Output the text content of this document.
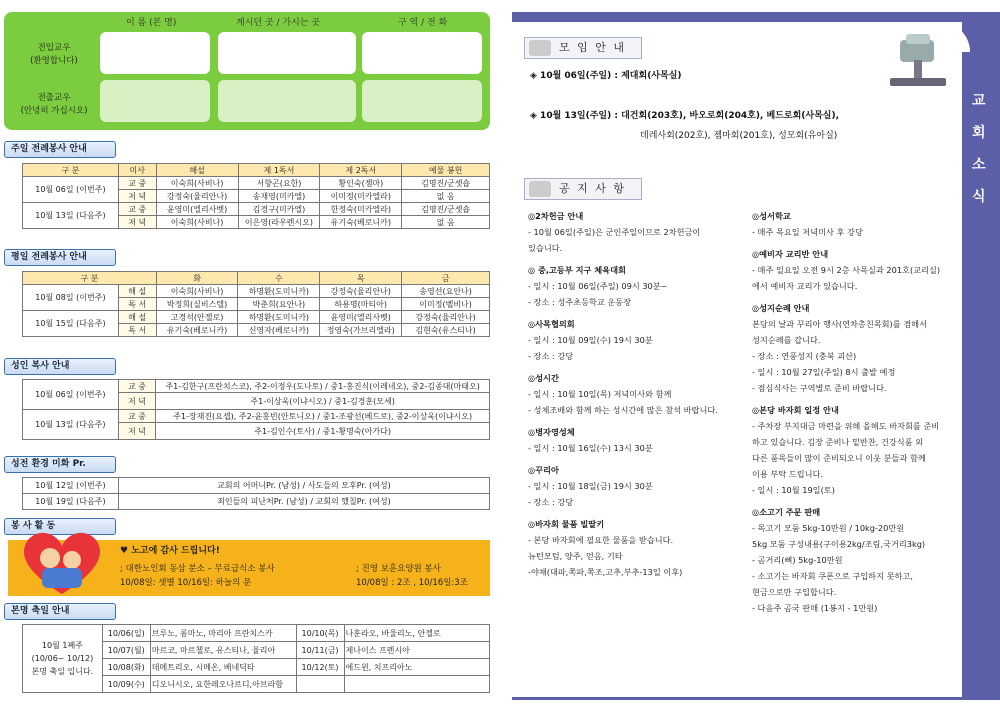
이 름 (본 명)	계시던 곳 / 가시는 곳	구 역 / 전 화
전입교우
(환영합니다)
전출교우
(안녕히 가십시오)
주일 전례봉사 안내
구 분	미사	해설	제 1독서	제 2독서	예물 봉헌
10월 06일 (이번주)	교 중	이숙희(사비나)	서향곤(요한)	황인숙(젬마)	김명진/군셋숍
	저 녁	강정숙(율리안나)	송재영(미카엘)	이미정(미카엘라)	없 음
10월 13일 (다음주)	교 중	윤영미(엘리사벳)	김경구(미카엘)	한정숙(미카엘라)	김명진/군셋숍
	저 녁	이숙희(사비나)	이은영(라우렌시오)	유기숙(베로니카)	없 음
평일 전례봉사 안내
구 분		화	수	목	금
10월 08일 (이번주)	해 설	이숙희(사비나)	하명환(도미니카)	강정숙(율리안나)	송영선(요안나)
	독 서	박정희(실비스텔)	박춘희(요안나)	하용명(마티아)	이미정(벨비나)
10월 15일 (다음주)	해 설	고경석(안젤로)	하명환(도미니카)	윤영미(엘리사벳)	강정숙(율리안나)
	독 서	유기숙(베로니카)	신영자(베로니카)	정영숙(가브리엘라)	김현숙(유스티나)
성인 복사 안내
10월 06일 (이번주)	교 중	주1-김한구(프란치스코), 주2-이정우(도나토) / 중1-홍진식(이레네오), 중2-김종대(마태오)
	저 녁	주1-이상욱(이냐시오) / 중1-김경훈(모세)
10월 13일 (다음주)	교 중	주1-장재진(요셉), 주2-윤홍빈(안토니오) / 중1-조광선(베드로), 중2-이상욱(이냐시오)
	저 녁	주1-김인수(토사) / 중1-황명숙(아가다)
성전 환경 미화 Pr.
10월 12일 (이번주)	교회의 어머니Pr. (남성) / 사도들의 모후Pr. (여성)
10월 19일 (다음주)	죄인들의 피난처Pr. (남성) / 교회의 했칠Pr. (여성)
봉 사 활 동
♥ 노고에 감사 드립니다!
; 대한노인회 동삼 분소 – 무료급식소 봉사
10/08일: 샛별 10/16일: 하늘의 문
; 진영 보훈요양원 봉사
10/08일 : 2조 , 10/16일:3조
본명 축일 안내
10월 1째주
(10/06~ 10/12)
본명 축일 입니다.	10/06(일)	브루노, 롬마노, 마리아 프란치스카	10/10(목)	나훈라오, 바울리노, 안젤로
	10/07(월)	마르코, 마르첼로, 유스티나, 율리아	10/11(금)	제나이스 프렌시아
	10/08(화)	데메트리오, 시메온, 베네딕타	10/12(토)	에드윈, 치프리아노
	10/09(수)	디오니시오, 요한레오나르디,아브라함		
교
회
소
식
모 임 안 내
◈ 10월 06일(주일) : 제대회(사목실)
◈ 10월 13일(주일) : 대건회(203호), 바오로회(204호), 베드로회(사목실),
데레사회(202호), 젬마회(201호), 성모회(유아실)
공 지 사 항
◎2차헌금 안내
- 10월 06일(주일)은 군인주일이므로 2차헌금이
있습니다.

◎ 중,고등부 지구 체육대회
- 일시 : 10월 06일(주일) 09시 30분~
- 장소 : 성주초등학교 운동장

◎사목협의회
- 일시 : 10월 09일(수) 19시 30분
- 장소 : 강당

◎성시간
- 일시 : 10월 10일(목) 저녁미사와 함께
- 성체조배와 함께 하는 성시간에 많은 참석 바랍니다.

◎병자영성체
- 일시 : 10월 16일(수) 13시 30분

◎꾸리아
- 일시 : 10월 18일(금) 19시 30분
- 장소 : 강당

◎바자회 물품 빌딸키
- 본당 바자회에 필요한 물품을 받습니다.
뉴턴모텀, 양주, 얻음, 기타
-야채(대파,쪽파,쪽조,고추,부추-13일 이후)
◎성서학교
- 매주 목요일 저녁미사 후 강당

◎예비자 교리반 안내
- 매주 일요일 오전 9시 2층 사목실과 201호(교리실)
에서 예비자 교리가 있습니다.

◎성지순례 안내
본당의 날과 꾸리아 행사(연차총친목회)를 겸해서
성지순례를 갑니다.
- 장소 : 연풍성지 (충북 괴산)
- 일시 : 10월 27일(주일) 8시 출발 예정
- 점심식사는 구역별로 준비 바랍니다.

◎본당 바자회 일정 안내
- 주차장 부지대금 마련을 위해 올해도 바자회를 준비
하고 있습니다. 김장 준비나 밑반찬, 건강식품 외
다른 품목들이 많이 준비되오니 이웃 분들과 함께
이용 부탁 드립니다.
- 일시 : 10월 19일(토)

◎소고기 주문 판매
- 목고기 모둠 5kg-10만원 / 10kg-20만원
5kg 모둠 구성내용(구이용2kg/조림,국거리3kg)
- 곰거리(뼈) 5kg-10만원
- 소고기는 바자회 쿠폰으로 구입하지 못하고,
현금으로만 구입합니다.
- 다음주 곰국 판매 (1봉지 - 1만원)
